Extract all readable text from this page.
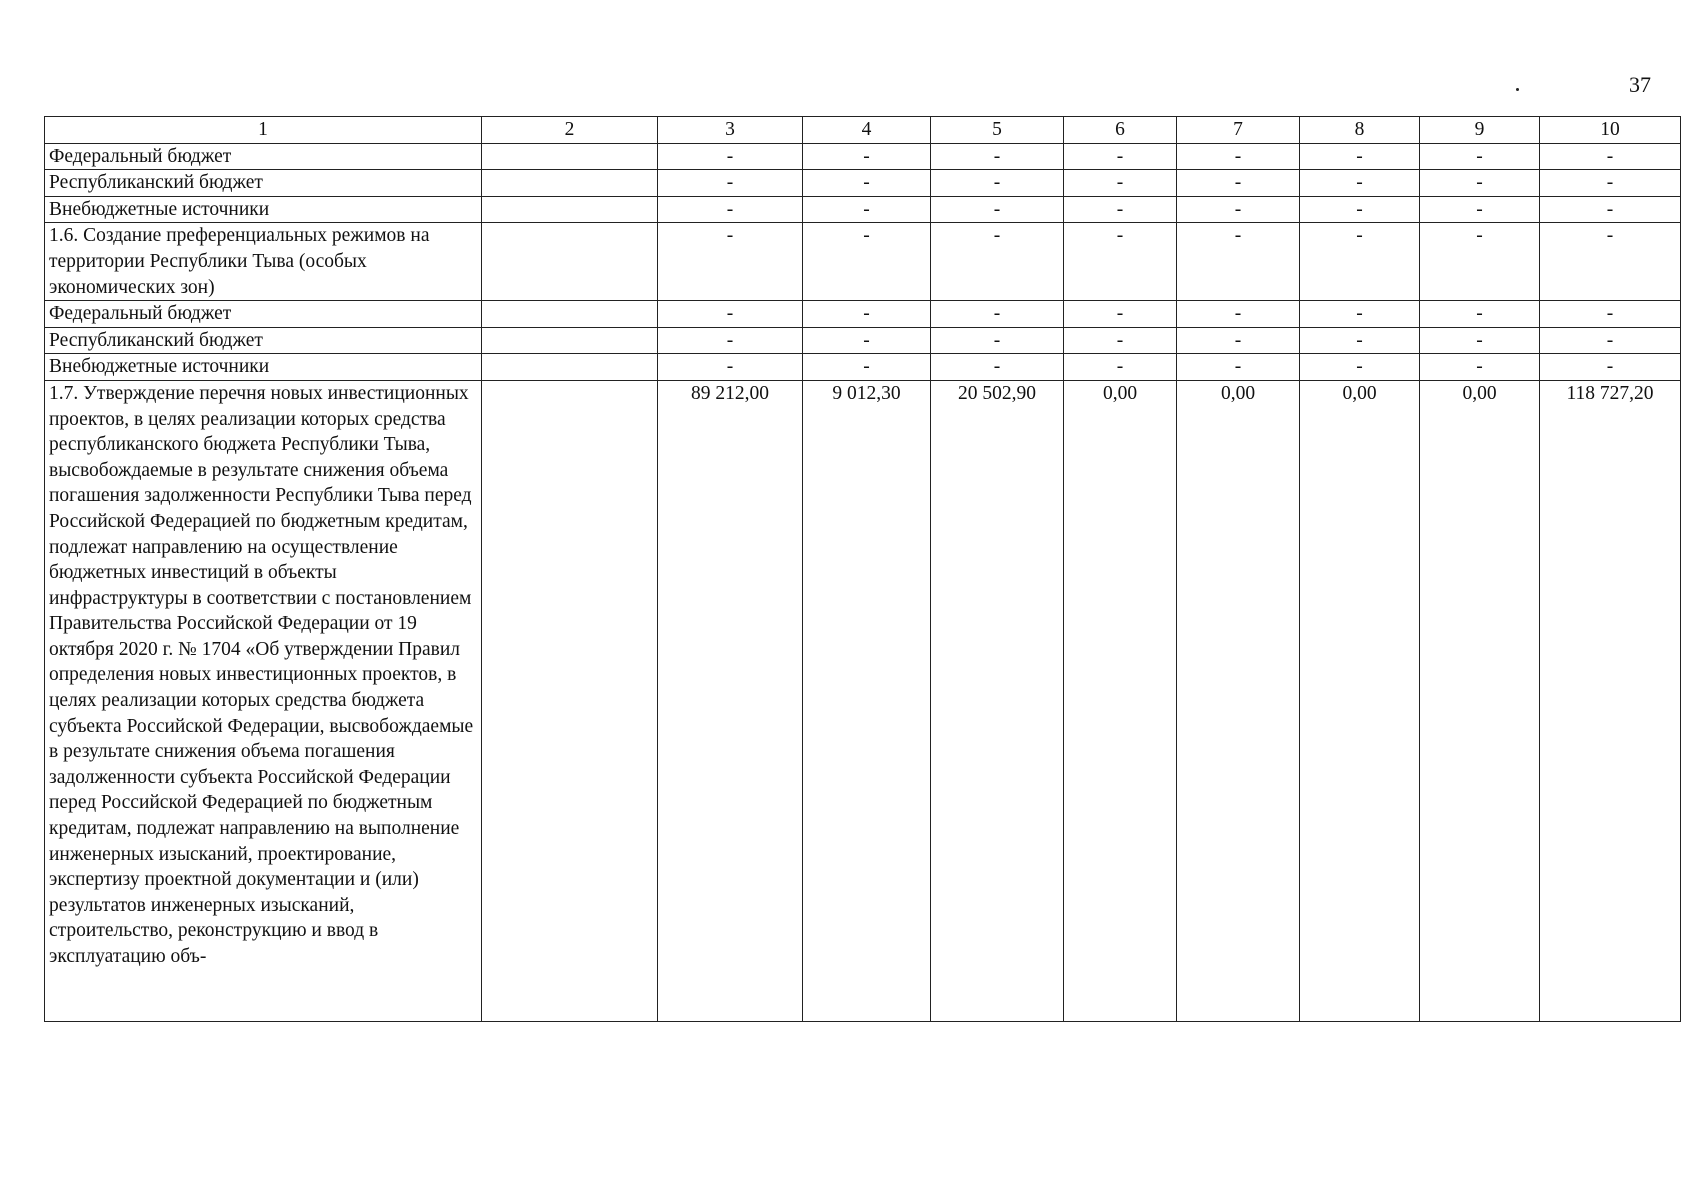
37
1	2	3	4	5	6	7	8	9	10
Федеральный бюджет		-	-	-	-	-	-	-	-
Республиканский бюджет		-	-	-	-	-	-	-	-
Внебюджетные источники		-	-	-	-	-	-	-	-
1.6. Создание преференциальных режимов на территории Республики Тыва (особых экономических зон)		-	-	-	-	-	-	-	-
Федеральный бюджет		-	-	-	-	-	-	-	-
Республиканский бюджет		-	-	-	-	-	-	-	-
Внебюджетные источники		-	-	-	-	-	-	-	-
1.7. Утверждение перечня новых инвестиционных проектов, в целях реализации которых средства республиканского бюджета Республики Тыва, высвобождаемые в результате снижения объема погашения задолженности Республики Тыва перед Российской Федерацией по бюджетным кредитам, подлежат направлению на осуществление бюджетных инвестиций в объекты инфраструктуры в соответствии с постановлением Правительства Российской Федерации от 19 октября 2020 г. № 1704 «Об утверждении Правил определения новых инвестиционных проектов, в целях реализации которых средства бюджета субъекта Российской Федерации, высвобождаемые в результате снижения объема погашения задолженности субъекта Российской Федерации перед Российской Федерацией по бюджетным кредитам, подлежат направлению на выполнение инженерных изысканий, проектирование, экспертизу проектной документации и (или) результатов инженерных изысканий, строительство, реконструкцию и ввод в эксплуатацию объ-		89 212,00	9 012,30	20 502,90	0,00	0,00	0,00	0,00	118 727,20
